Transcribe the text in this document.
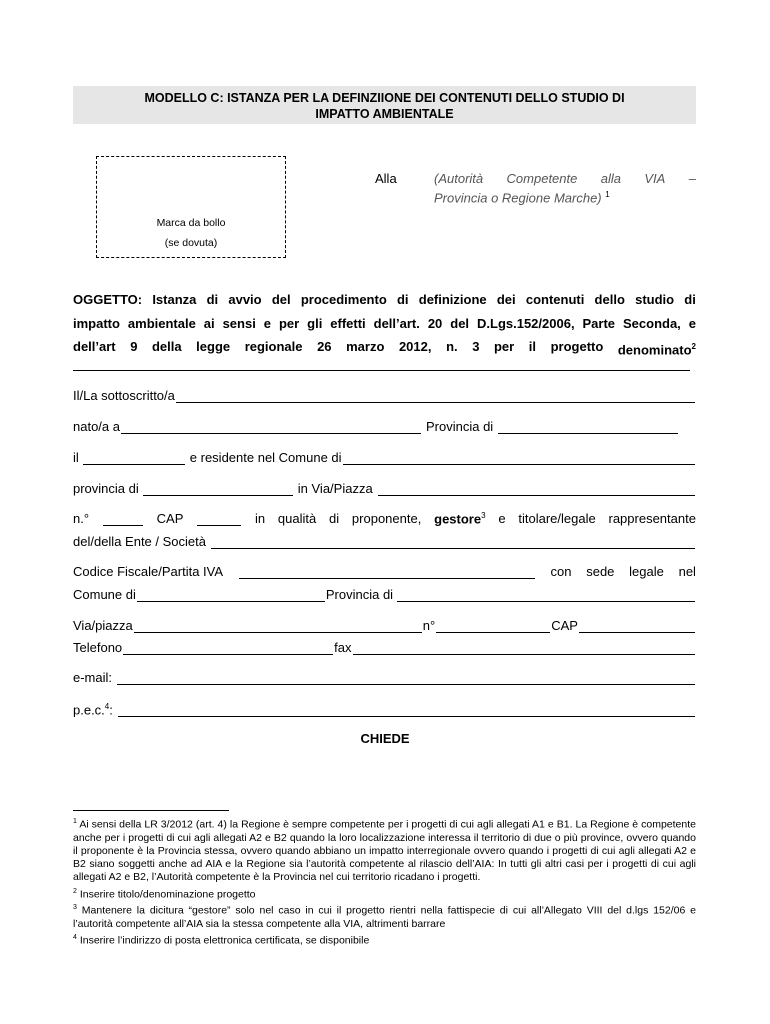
MODELLO C: ISTANZA PER LA DEFINZIIONE DEI CONTENUTI DELLO STUDIO DI
IMPATTO AMBIENTALE
Marca da bollo
(se dovuta)
Alla	(Autorità Competente alla VIA –
Provincia o Regione Marche) $^1$
OGGETTO: Istanza di avvio del procedimento di definizione dei contenuti dello studio di
impatto ambientale ai sensi e per gli effetti dell’art. 20 del D.Lgs.152/2006, Parte Seconda, e
dell’art 9 della legge regionale 26 marzo 2012, n. 3 per il progetto denominato$^2$
Il/La sottoscritto/a
nato/a a	Provincia di
il	e residente nel Comune di
provincia di	in Via/Piazza
n.°	CAP	in qualità di proponente, gestore$^3$ e titolare/legale rappresentante
del/della Ente / Società
Codice Fiscale/Partita IVA	con sede legale nel
Comune di	Provincia di
Via/piazza	n°	CAP
Telefono	fax
e-mail:
p.e.c.$^4$:
CHIEDE

$^1$ Ai sensi della LR 3/2012 (art. 4) la Regione è sempre competente per i progetti di cui agli allegati A1 e B1. La Regione è competente anche per i progetti di cui agli allegati A2 e B2 quando la loro localizzazione interessa il territorio di due o più province, ovvero quando il proponente è la Provincia stessa, ovvero quando abbiano un impatto interregionale ovvero quando i progetti di cui agli allegati A2 e B2 siano soggetti anche ad AIA e la Regione sia l’autorità competente al rilascio dell’AIA: In tutti gli altri casi per i progetti di cui agli allegati A2 e B2, l’Autorità competente è la Provincia nel cui territorio ricadano i progetti.

$^2$ Inserire titolo/denominazione progetto

$^3$ Mantenere la dicitura “gestore” solo nel caso in cui il progetto rientri nella fattispecie di cui all’Allegato VIII del d.lgs 152/06 e l’autorità competente all’AIA sia la stessa competente alla VIA, altrimenti barrare

$^4$ Inserire l’indirizzo di posta elettronica certificata, se disponibile
